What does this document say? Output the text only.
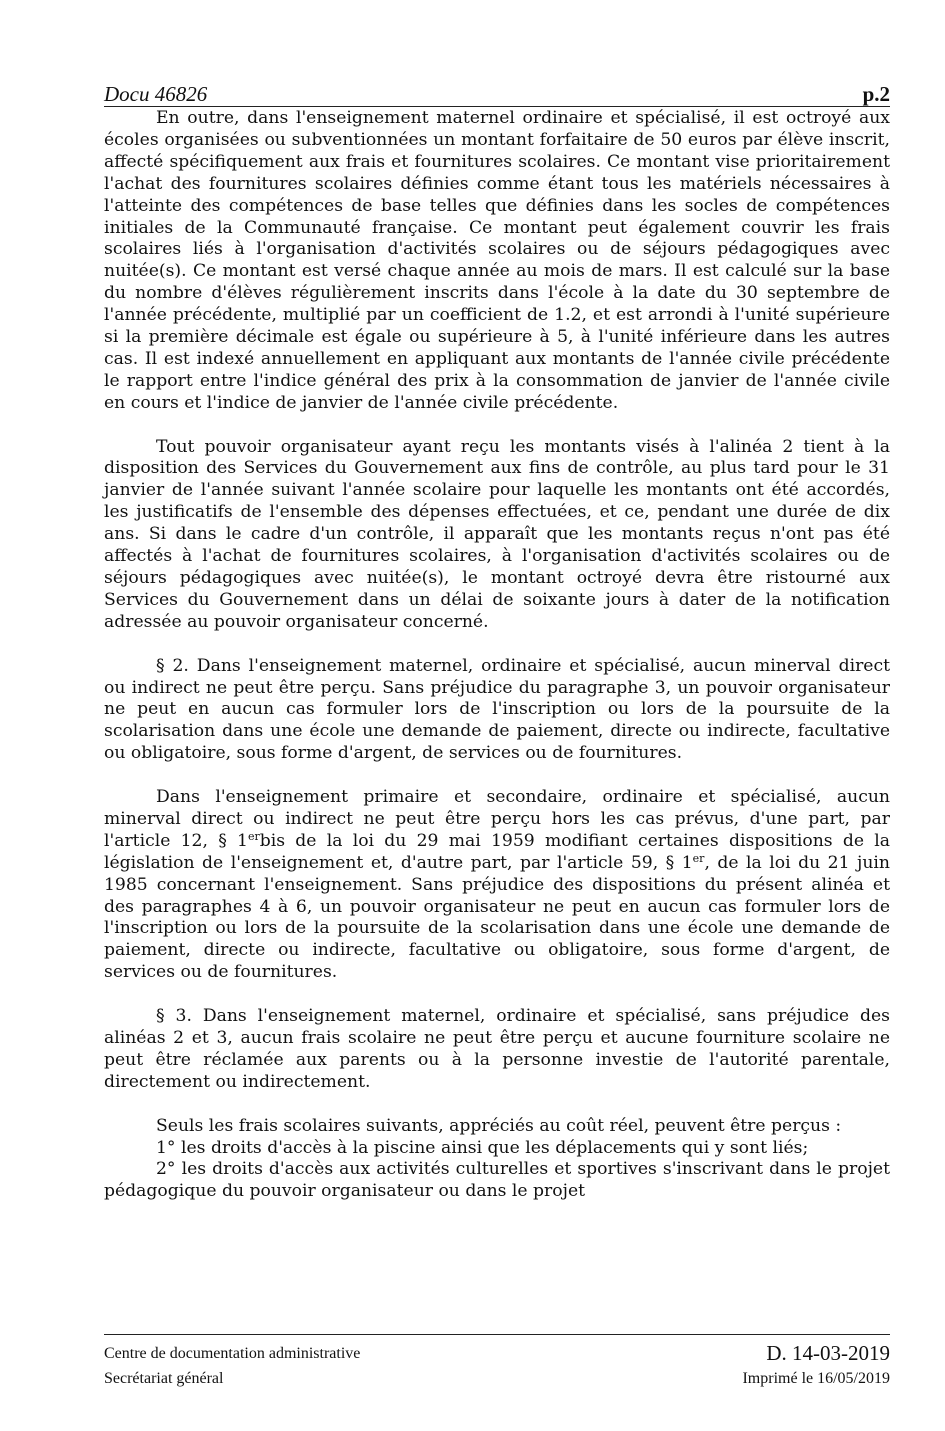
Docu 46826	p.2

En outre, dans l'enseignement maternel ordinaire et spécialisé, il est octroyé aux écoles organisées ou subventionnées un montant forfaitaire de 50 euros par élève inscrit, affecté spécifiquement aux frais et fournitures scolaires. Ce montant vise prioritairement l'achat des fournitures scolaires définies comme étant tous les matériels nécessaires à l'atteinte des compétences de base telles que définies dans les socles de compétences initiales de la Communauté française. Ce montant peut également couvrir les frais scolaires liés à l'organisation d'activités scolaires ou de séjours pédagogiques avec nuitée(s). Ce montant est versé chaque année au mois de mars. Il est calculé sur la base du nombre d'élèves régulièrement inscrits dans l'école à la date du 30 septembre de l'année précédente, multiplié par un coefficient de 1.2, et est arrondi à l'unité supérieure si la première décimale est égale ou supérieure à 5, à l'unité inférieure dans les autres cas. Il est indexé annuellement en appliquant aux montants de l'année civile précédente le rapport entre l'indice général des prix à la consommation de janvier de l'année civile en cours et l'indice de janvier de l'année civile précédente.

Tout pouvoir organisateur ayant reçu les montants visés à l'alinéa 2 tient à la disposition des Services du Gouvernement aux fins de contrôle, au plus tard pour le 31 janvier de l'année suivant l'année scolaire pour laquelle les montants ont été accordés, les justificatifs de l'ensemble des dépenses effectuées, et ce, pendant une durée de dix ans. Si dans le cadre d'un contrôle, il apparaît que les montants reçus n'ont pas été affectés à l'achat de fournitures scolaires, à l'organisation d'activités scolaires ou de séjours pédagogiques avec nuitée(s), le montant octroyé devra être ristourné aux Services du Gouvernement dans un délai de soixante jours à dater de la notification adressée au pouvoir organisateur concerné.

§ 2. Dans l'enseignement maternel, ordinaire et spécialisé, aucun minerval direct ou indirect ne peut être perçu. Sans préjudice du paragraphe 3, un pouvoir organisateur ne peut en aucun cas formuler lors de l'inscription ou lors de la poursuite de la scolarisation dans une école une demande de paiement, directe ou indirecte, facultative ou obligatoire, sous forme d'argent, de services ou de fournitures.

Dans l'enseignement primaire et secondaire, ordinaire et spécialisé, aucun minerval direct ou indirect ne peut être perçu hors les cas prévus, d'une part, par l'article 12, § 1erbis de la loi du 29 mai 1959 modifiant certaines dispositions de la législation de l'enseignement et, d'autre part, par l'article 59, § 1er, de la loi du 21 juin 1985 concernant l'enseignement. Sans préjudice des dispositions du présent alinéa et des paragraphes 4 à 6, un pouvoir organisateur ne peut en aucun cas formuler lors de l'inscription ou lors de la poursuite de la scolarisation dans une école une demande de paiement, directe ou indirecte, facultative ou obligatoire, sous forme d'argent, de services ou de fournitures.

§ 3. Dans l'enseignement maternel, ordinaire et spécialisé, sans préjudice des alinéas 2 et 3, aucun frais scolaire ne peut être perçu et aucune fourniture scolaire ne peut être réclamée aux parents ou à la personne investie de l'autorité parentale, directement ou indirectement.

Seuls les frais scolaires suivants, appréciés au coût réel, peuvent être perçus :

1° les droits d'accès à la piscine ainsi que les déplacements qui y sont liés;

2° les droits d'accès aux activités culturelles et sportives s'inscrivant dans le projet pédagogique du pouvoir organisateur ou dans le projet

Centre de documentation administrative
Secrétariat général
D. 14-03-2019
Imprimé le 16/05/2019
